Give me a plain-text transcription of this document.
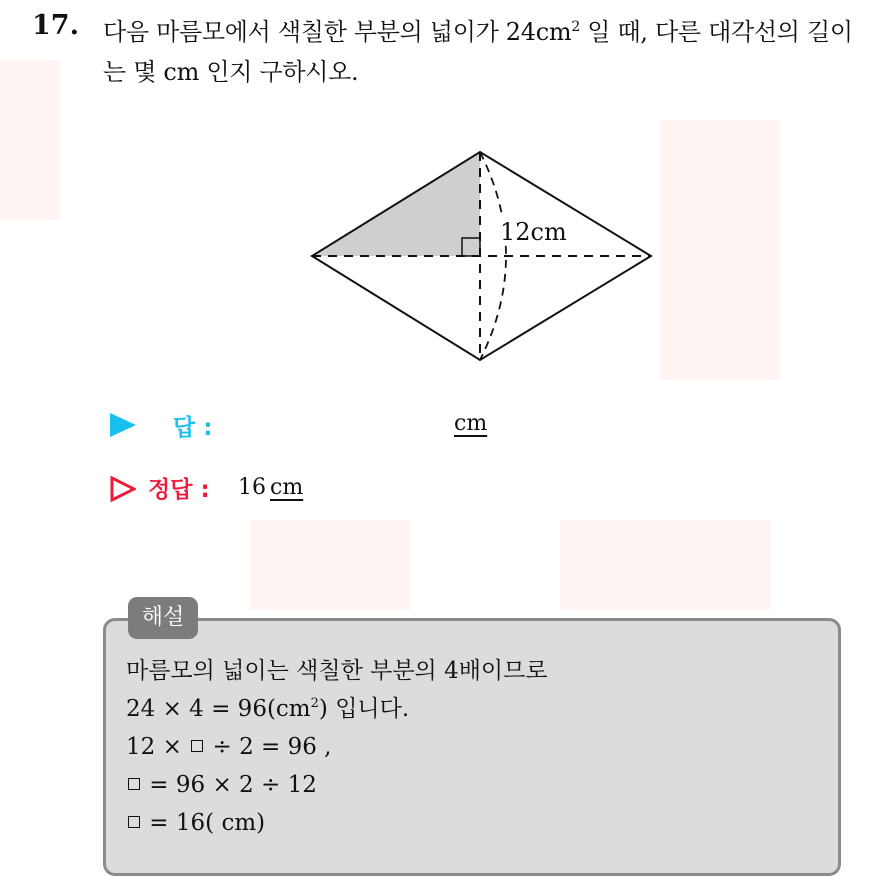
17. 다음 마름모에서 색칠한 부분의 넓이가 $24cm^2$ 일 때, 다른 대각선의 길이는 몇 cm 인지 구하시오.
12cm
답 :	cm
정답 : 16 cm
해설
마름모의 넓이는 색칠한 부분의 4배이므로
$24 \times 4 = 96(cm^2)$ 입니다.
12 ×  ÷ 2 = 96 ,
= 96 × 2 ÷ 12
= 16( cm)
